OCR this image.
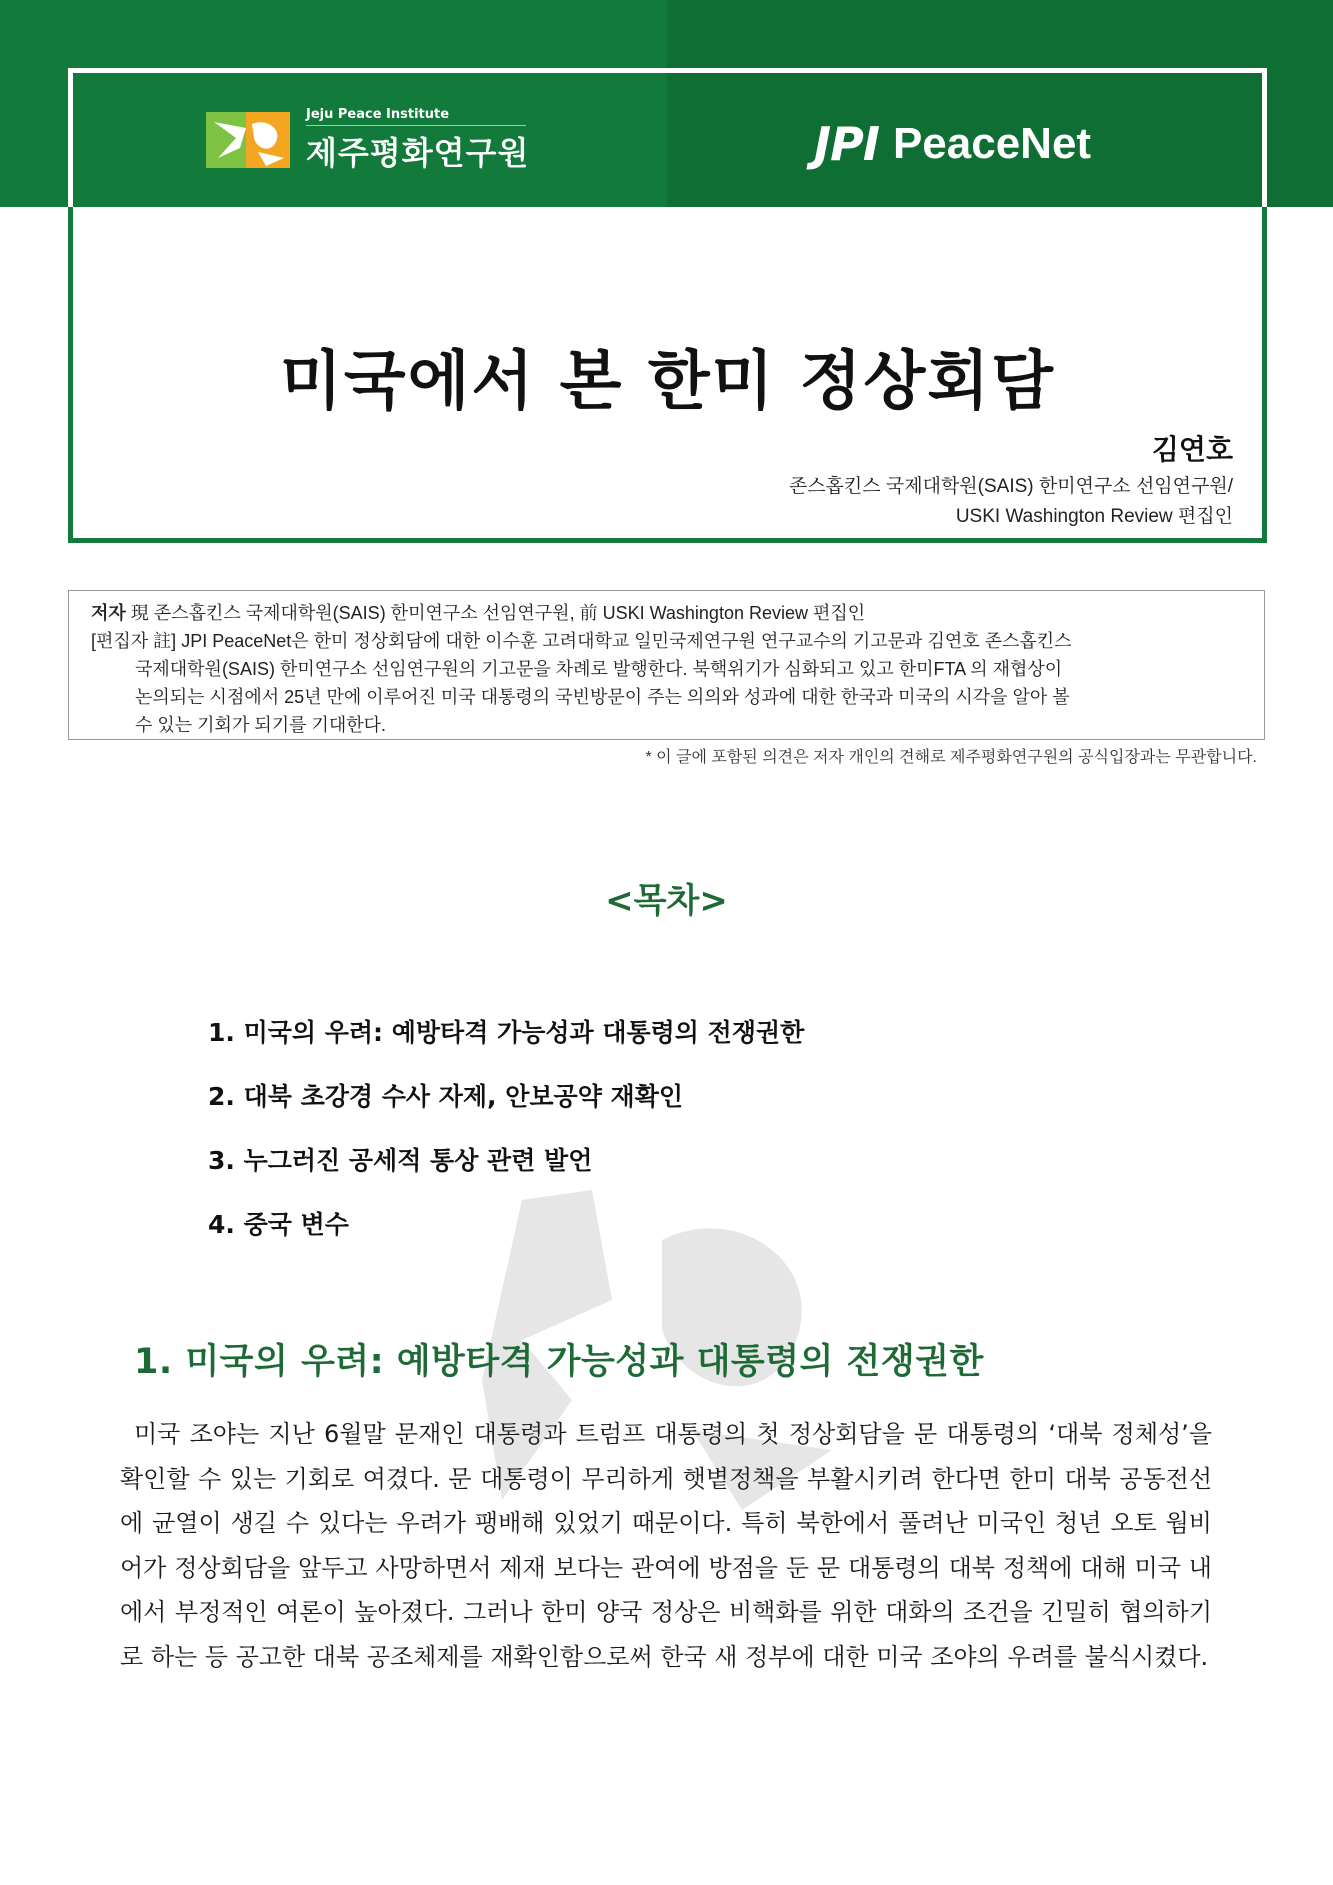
Jeju Peace Institute
제주평화연구원	JPI PeaceNet
미국에서 본 한미 정상회담
김연호
존스홉킨스 국제대학원(SAIS) 한미연구소 선임연구원/
USKI Washington Review 편집인
저자 現 존스홉킨스 국제대학원(SAIS) 한미연구소 선임연구원, 前 USKI Washington Review 편집인
[편집자 註] JPI PeaceNet은 한미 정상회담에 대한 이수훈 고려대학교 일민국제연구원 연구교수의 기고문과 김연호 존스홉킨스
국제대학원(SAIS) 한미연구소 선임연구원의 기고문을 차례로 발행한다. 북핵위기가 심화되고 있고 한미FTA 의 재협상이
논의되는 시점에서 25년 만에 이루어진 미국 대통령의 국빈방문이 주는 의의와 성과에 대한 한국과 미국의 시각을 알아 볼
수 있는 기회가 되기를 기대한다.
* 이 글에 포함된 의견은 저자 개인의 견해로 제주평화연구원의 공식입장과는 무관합니다.
<목차>
1. 미국의 우려: 예방타격 가능성과 대통령의 전쟁권한
2. 대북 초강경 수사 자제, 안보공약 재확인
3. 누그러진 공세적 통상 관련 발언
4. 중국 변수
1. 미국의 우려: 예방타격 가능성과 대통령의 전쟁권한

미국 조야는 지난 6월말 문재인 대통령과 트럼프 대통령의 첫 정상회담을 문 대통령의 ‘대북 정체성’을 확인할 수 있는 기회로 여겼다. 문 대통령이 무리하게 햇볕정책을 부활시키려 한다면 한미 대북 공동전선에 균열이 생길 수 있다는 우려가 팽배해 있었기 때문이다. 특히 북한에서 풀려난 미국인 청년 오토 웜비어가 정상회담을 앞두고 사망하면서 제재 보다는 관여에 방점을 둔 문 대통령의 대북 정책에 대해 미국 내에서 부정적인 여론이 높아졌다. 그러나 한미 양국 정상은 비핵화를 위한 대화의 조건을 긴밀히 협의하기로 하는 등 공고한 대북 공조체제를 재확인함으로써 한국 새 정부에 대한 미국 조야의 우려를 불식시켰다.
